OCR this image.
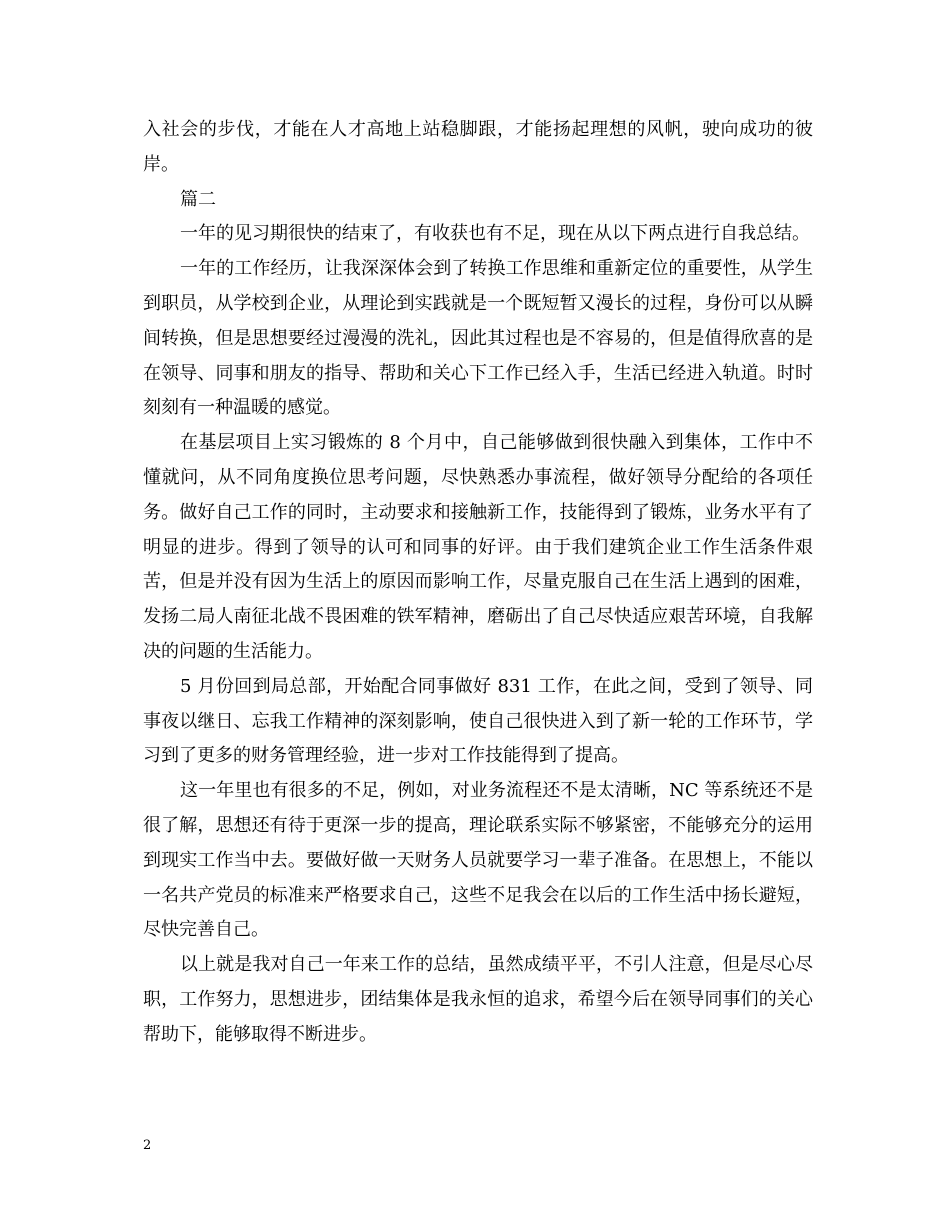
入社会的步伐，才能在人才高地上站稳脚跟，才能扬起理想的风帆，驶向成功的彼岸。

篇二

一年的见习期很快的结束了，有收获也有不足，现在从以下两点进行自我总结。

一年的工作经历，让我深深体会到了转换工作思维和重新定位的重要性，从学生到职员，从学校到企业，从理论到实践就是一个既短暂又漫长的过程，身份可以从瞬间转换，但是思想要经过漫漫的洗礼，因此其过程也是不容易的，但是值得欣喜的是在领导、同事和朋友的指导、帮助和关心下工作已经入手，生活已经进入轨道。时时刻刻有一种温暖的感觉。

在基层项目上实习锻炼的 8 个月中，自己能够做到很快融入到集体，工作中不懂就问，从不同角度换位思考问题，尽快熟悉办事流程，做好领导分配给的各项任务。做好自己工作的同时，主动要求和接触新工作，技能得到了锻炼，业务水平有了明显的进步。得到了领导的认可和同事的好评。由于我们建筑企业工作生活条件艰苦，但是并没有因为生活上的原因而影响工作，尽量克服自己在生活上遇到的困难，发扬二局人南征北战不畏困难的铁军精神，磨砺出了自己尽快适应艰苦环境，自我解决的问题的生活能力。

5 月份回到局总部，开始配合同事做好 831 工作，在此之间，受到了领导、同事夜以继日、忘我工作精神的深刻影响，使自己很快进入到了新一轮的工作环节，学习到了更多的财务管理经验，进一步对工作技能得到了提高。

这一年里也有很多的不足，例如，对业务流程还不是太清晰，NC 等系统还不是很了解，思想还有待于更深一步的提高，理论联系实际不够紧密，不能够充分的运用到现实工作当中去。要做好做一天财务人员就要学习一辈子准备。在思想上，不能以一名共产党员的标准来严格要求自己，这些不足我会在以后的工作生活中扬长避短，尽快完善自己。

以上就是我对自己一年来工作的总结，虽然成绩平平，不引人注意，但是尽心尽职，工作努力，思想进步，团结集体是我永恒的追求，希望今后在领导同事们的关心帮助下，能够取得不断进步。

2
